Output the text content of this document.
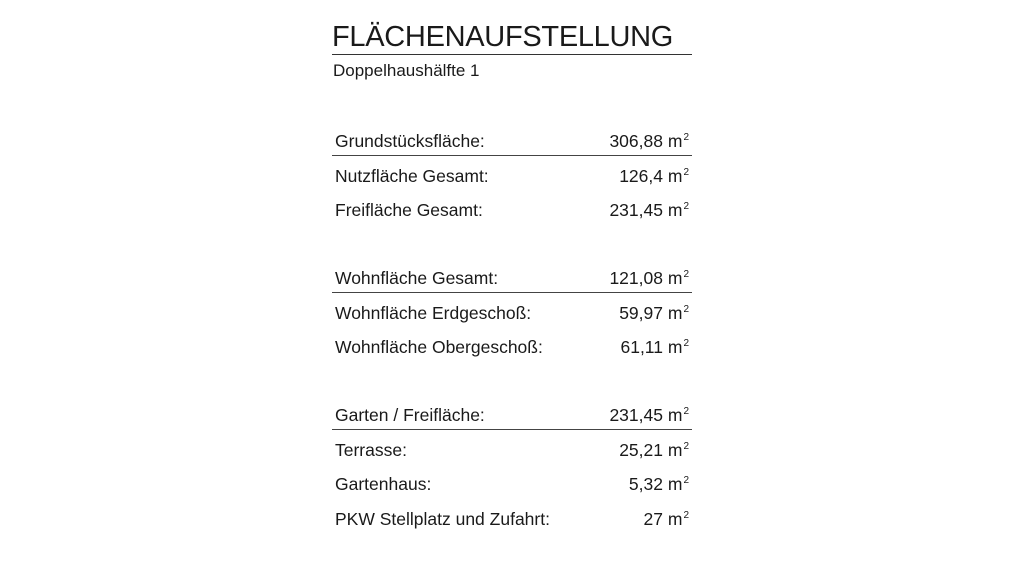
FLÄCHENAUFSTELLUNG
Doppelhaushälfte 1
Grundstücksfläche:	306,88 $m^2$
Nutzfläche Gesamt:	126,4 $m^2$
Freifläche Gesamt:	231,45 $m^2$
Wohnfläche Gesamt:	121,08 $m^2$
Wohnfläche Erdgeschoß:	59,97 $m^2$
Wohnfläche Obergeschoß:	61,11 $m^2$
Garten / Freifläche:	231,45 $m^2$
Terrasse:	25,21 $m^2$
Gartenhaus:	5,32 $m^2$
PKW Stellplatz und Zufahrt:	27 $m^2$
